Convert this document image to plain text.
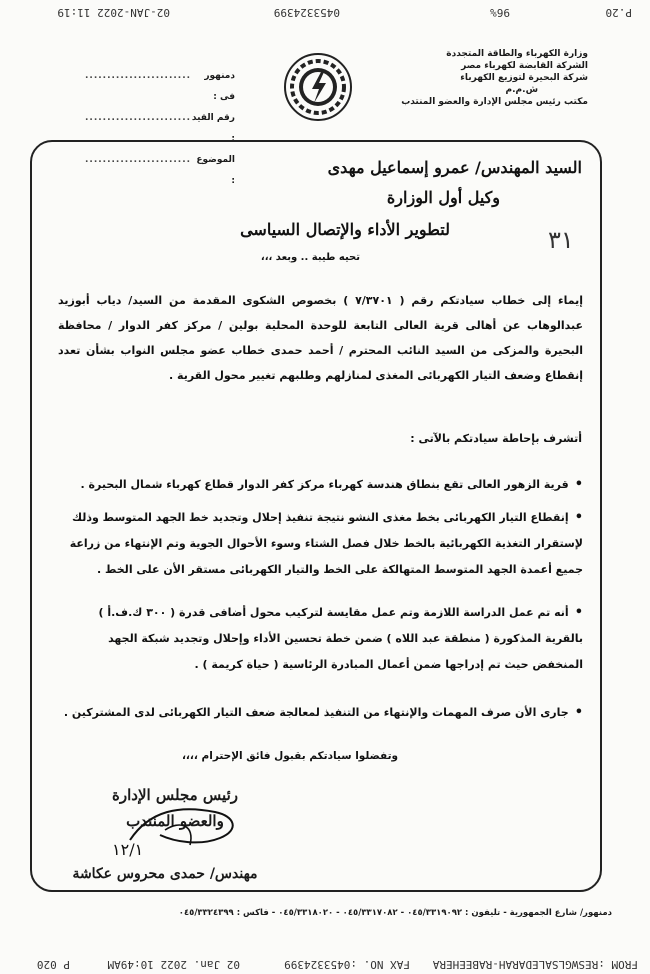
P.20
96%
0453324399
02-JAN-2022 11:19
وزارة الكهرباء والطاقة المتجددة
الشركة القابضة لكهرباء مصر
شركة البحيرة لتوزيع الكهرباء
ش.م.م
مكتب رئيس مجلس الإدارة والعضو المنتدب
دمنهور فى :
........................
رقم القيد :
........................
الموضوع :
........................	السيد المهندس/ عمرو إسماعيل مهدى
وكيل أول الوزارة
لتطوير الأداء والإتصال السياسى
تحيه طيبة .. وبعد ،،،
٣١
إيماء إلى خطاب سيادتكم رقم ( ٧/٣٧٠١ ) بخصوص الشكوى المقدمة من السيد/ دياب أبوزيد عبدالوهاب عن أهالى قرية العالى التابعة للوحدة المحلية بولين / مركز كفر الدوار / محافظة البحيرة والمزكى من السيد النائب المحترم / أحمد حمدى خطاب عضو مجلس النواب بشأن تعدد إنقطاع وضعف التيار الكهربائى المغذى لمنازلهم وطلبهم تغيير محول القرية .
أتشرف بإحاطة سيادتكم بالآتى :
• قرية الزهور العالى تقع بنطاق هندسة كهرباء مركز كفر الدوار قطاع كهرباء شمال البحيرة .
• إنقطاع التيار الكهربائى بخط مغذى النشو نتيجة تنفيذ إحلال وتجديد خط الجهد المتوسط وذلك لإستقرار التغذية الكهربائية بالخط خلال فصل الشتاء وسوء الأحوال الجوية وتم الإنتهاء من زراعة جميع أعمدة الجهد المتوسط المتهالكة على الخط والتيار الكهربائى مستقر الأن على الخط .
• أنه تم عمل الدراسة اللازمة وتم عمل مقايسة لتركيب محول أضافى قدرة ( ٣٠٠ ك.ف.أ ) بالقرية المذكورة ( منطقة عبد اللاه ) ضمن خطة تحسين الأداء وإحلال وتجديد شبكة الجهد المنخفض حيث تم إدراجها ضمن أعمال المبادرة الرئاسية ( حياة كريمة ) .
• جارى الأن صرف المهمات والإنتهاء من التنفيذ لمعالجة ضعف التيار الكهربائى لدى المشتركين .
وتفضلوا سيادتكم بقبول فائق الإحترام ،،،،
رئيس مجلس الإدارة
والعضو المنتدب
١٢/١
مهندس/ حمدى محروس عكاشة
دمنهور/ شارع الجمهورية - تليفون : ٠٤٥/٣٣١٩٠٩٢ - ٠٤٥/٣٣١٧٠٨٢ - ٠٤٥/٣٣١٨٠٢٠ - فاكس : ٠٤٥/٣٣٢٤٣٩٩
FROM :RESWGLSALEDARAH-RABEEHERA
FAX NO. :0453324399
02 Jan. 2022 10:49AM
P 020
